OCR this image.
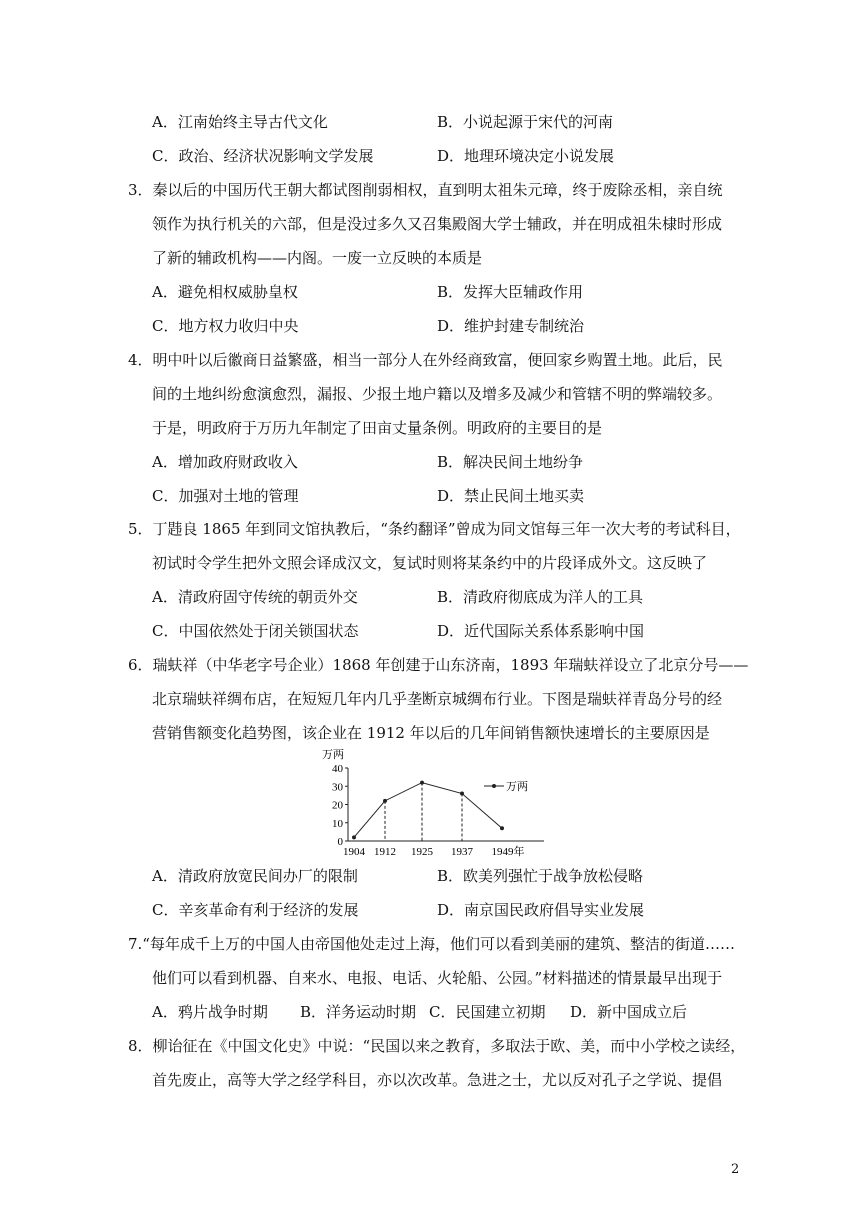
A．江南始终主导古代文化	B．小说起源于宋代的河南
C．政治、经济状况影响文学发展	D．地理环境决定小说发展
3．秦以后的中国历代王朝大都试图削弱相权，直到明太祖朱元璋，终于废除丞相，亲自统
领作为执行机关的六部，但是没过多久又召集殿阁大学士辅政，并在明成祖朱棣时形成
了新的辅政机构——内阁。一废一立反映的本质是
A．避免相权威胁皇权	B．发挥大臣辅政作用
C．地方权力收归中央	D．维护封建专制统治
4．明中叶以后徽商日益繁盛，相当一部分人在外经商致富，便回家乡购置土地。此后，民
间的土地纠纷愈演愈烈，漏报、少报土地户籍以及增多及减少和管辖不明的弊端较多。
于是，明政府于万历九年制定了田亩丈量条例。明政府的主要目的是
A．增加政府财政收入	B．解决民间土地纷争
C．加强对土地的管理	D．禁止民间土地买卖
5．丁韪良 1865 年到同文馆执教后，“条约翻译”曾成为同文馆每三年一次大考的考试科目，
初试时令学生把外文照会译成汉文，复试时则将某条约中的片段译成外文。这反映了
A．清政府固守传统的朝贡外交	B．清政府彻底成为洋人的工具
C．中国依然处于闭关锁国状态	D．近代国际关系体系影响中国
6．瑞蚨祥（中华老字号企业）1868 年创建于山东济南，1893 年瑞蚨祥设立了北京分号——
北京瑞蚨祥绸布店，在短短几年内几乎垄断京城绸布行业。下图是瑞蚨祥青岛分号的经
营销售额变化趋势图，该企业在 1912 年以后的几年间销售额快速增长的主要原因是
万两
0
10
20
30
40
1904 1912 1925 1937 1949年
万两
A．清政府放宽民间办厂的限制	B．欧美列强忙于战争放松侵略
C．辛亥革命有利于经济的发展	D．南京国民政府倡导实业发展
7.“每年成千上万的中国人由帝国他处走过上海，他们可以看到美丽的建筑、整洁的街道……
他们可以看到机器、自来水、电报、电话、火轮船、公园。”材料描述的情景最早出现于
A．鸦片战争时期 B．洋务运动时期 C．民国建立初期 D．新中国成立后
8．柳诒征在《中国文化史》中说：“民国以来之教育，多取法于欧、美，而中小学校之读经，
首先废止，高等大学之经学科目，亦以次改革。急进之士，尤以反对孔子之学说、提倡
2
